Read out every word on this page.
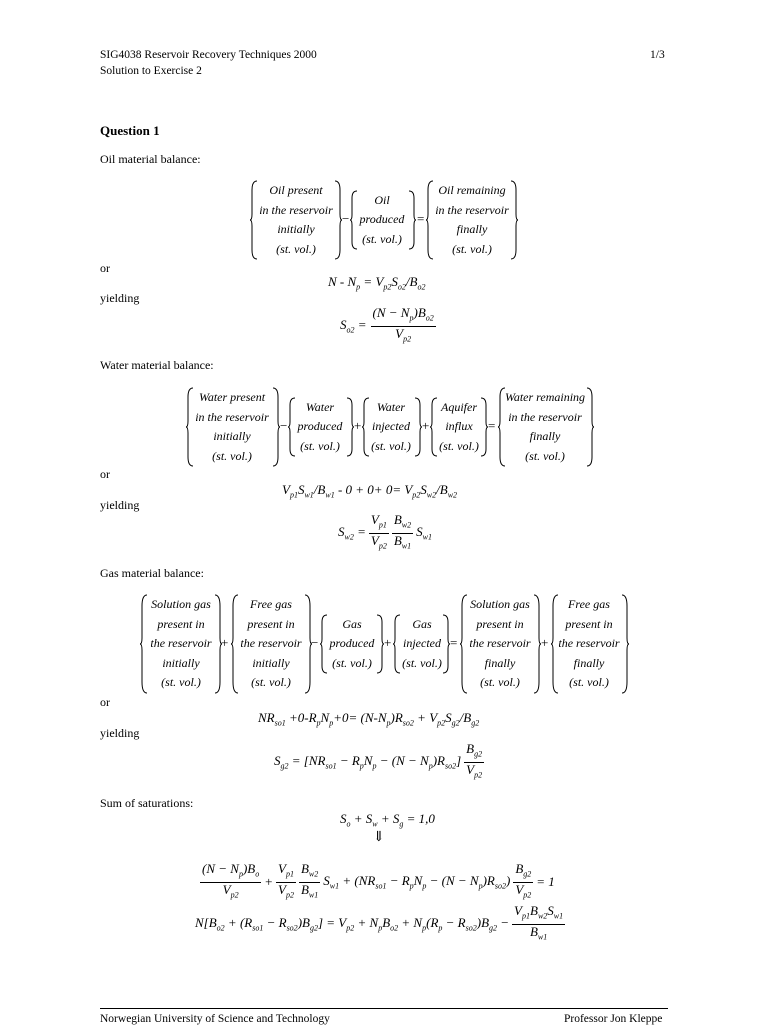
SIG4038 Reservoir Recovery Techniques 2000
Solution to Exercise 2
1/3
Question 1
Oil material balance:
Oil present
in the reservoir
initially
(st. vol.)
−
Oil
produced
(st. vol.)
=
Oil remaining
in the reservoir
finally
(st. vol.)
or
$N - N_p = V_{p2}S_{o2}/B_{o2}$
yielding
$S_{o2} = \frac{(N - N_p)B_{o2}}{V_{p2}}$
Water material balance:
Water present
in the reservoir
initially
(st. vol.)
−
Water
produced
(st. vol.)
+
Water
injected
(st. vol.)
+
Aquifer
influx
(st. vol.)
=
Water remaining
in the reservoir
finally
(st. vol.)
or
$V_{p1}S_{w1}/B_{w1} - 0 + 0+ 0= V_{p2}S_{w2}/B_{w2}$
yielding
$S_{w2} = \frac{V_{p1}}{V_{p2}} \frac{B_{w2}}{B_{w1}} S_{w1}$
Gas material balance:
Solution gas
present in
the reservoir
initially
(st. vol.)
+
Free gas
present in
the reservoir
initially
(st. vol.)
−
Gas
produced
(st. vol.)
+
Gas
injected
(st. vol.)
=
Solution gas
present in
the reservoir
finally
(st. vol.)
+
Free gas
present in
the reservoir
finally
(st. vol.)
or
$NR_{so1} +0-R_pN_p+0= (N-N_p)R_{so2} + V_{p2}S_{g2}/B_{g2}$
yielding
$S_{g2} = [NR_{so1} - R_pN_p - (N - N_p)R_{so2}] \frac{B_{g2}}{V_{p2}}$
Sum of saturations:
$S_o + S_w + S_g = 1,0$
⇓
$\frac{(N - N_p)B_o}{V_{p2}} + \frac{V_{p1}}{V_{p2}} \frac{B_{w2}}{B_{w1}} S_{w1} + (NR_{so1} - R_pN_p - (N - N_p)R_{so2}) \frac{B_{g2}}{V_{p2}} = 1$
$N[B_{o2} + (R_{so1} - R_{so2})B_{g2}] = V_{p2} + N_pB_{o2} + N_p(R_p - R_{so2})B_{g2} - \frac{V_{p1}B_{w2}S_{w1}}{B_{w1}}$
Norwegian University of Science and Technology	Professor Jon Kleppe
